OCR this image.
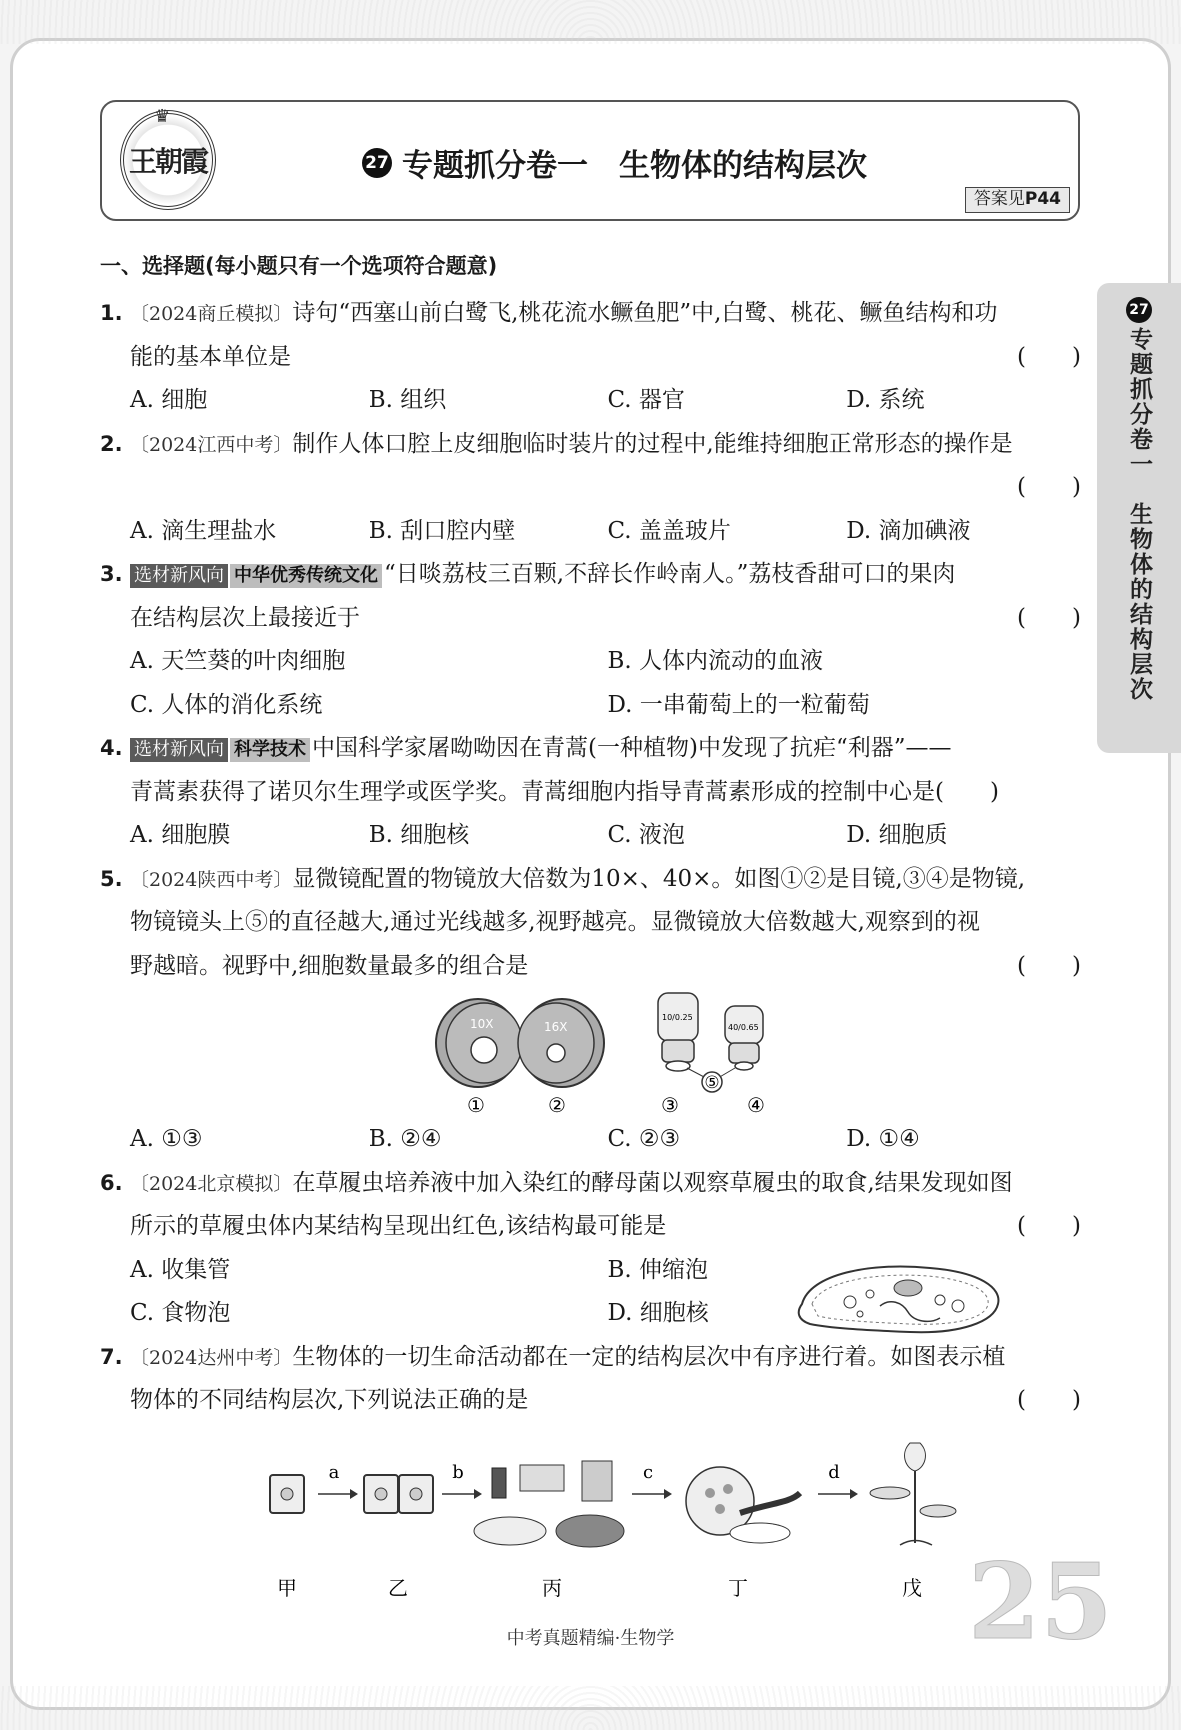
♛
王朝霞	27 专题抓分卷一　生物体的结构层次
答案见P44
27
专题抓分卷一　生物体的结构层次
一、选择题(每小题只有一个选项符合题意)
1. 〔2024商丘模拟〕诗句“西塞山前白鹭飞,桃花流水鳜鱼肥”中,白鹭、桃花、鳜鱼结构和功
能的基本单位是	(　　)
A. 细胞	B. 组织	C. 器官	D. 系统
2. 〔2024江西中考〕制作人体口腔上皮细胞临时装片的过程中,能维持细胞正常形态的操作是
(　　)
A. 滴生理盐水	B. 刮口腔内壁	C. 盖盖玻片	D. 滴加碘液
3. 选材新风向 中华优秀传统文化 “日啖荔枝三百颗,不辞长作岭南人。”荔枝香甜可口的果肉
在结构层次上最接近于	(　　)
A. 天竺葵的叶肉细胞	B. 人体内流动的血液
C. 人体的消化系统	D. 一串葡萄上的一粒葡萄
4. 选材新风向 科学技术 中国科学家屠呦呦因在青蒿(一种植物)中发现了抗疟“利器”——
青蒿素获得了诺贝尔生理学或医学奖。青蒿细胞内指导青蒿素形成的控制中心是(　　)
A. 细胞膜	B. 细胞核	C. 液泡	D. 细胞质
5. 〔2024陕西中考〕显微镜配置的物镜放大倍数为10×、40×。如图①②是目镜,③④是物镜,
物镜镜头上⑤的直径越大,通过光线越多,视野越亮。显微镜放大倍数越大,观察到的视
野越暗。视野中,细胞数量最多的组合是	(　　)
10X	16X
10/0.25
40/0.65
⑤
①	②	③	④
A. ①③	B. ②④	C. ②③	D. ①④
6. 〔2024北京模拟〕在草履虫培养液中加入染红的酵母菌以观察草履虫的取食,结果发现如图
所示的草履虫体内某结构呈现出红色,该结构最可能是	(　　)
A. 收集管	B. 伸缩泡
C. 食物泡	D. 细胞核
7. 〔2024达州中考〕生物体的一切生命活动都在一定的结构层次中有序进行着。如图表示植
物体的不同结构层次,下列说法正确的是	(　　)
a	b	c	d
甲	乙	丙	丁	戊 25
中考真题精编·生物学
